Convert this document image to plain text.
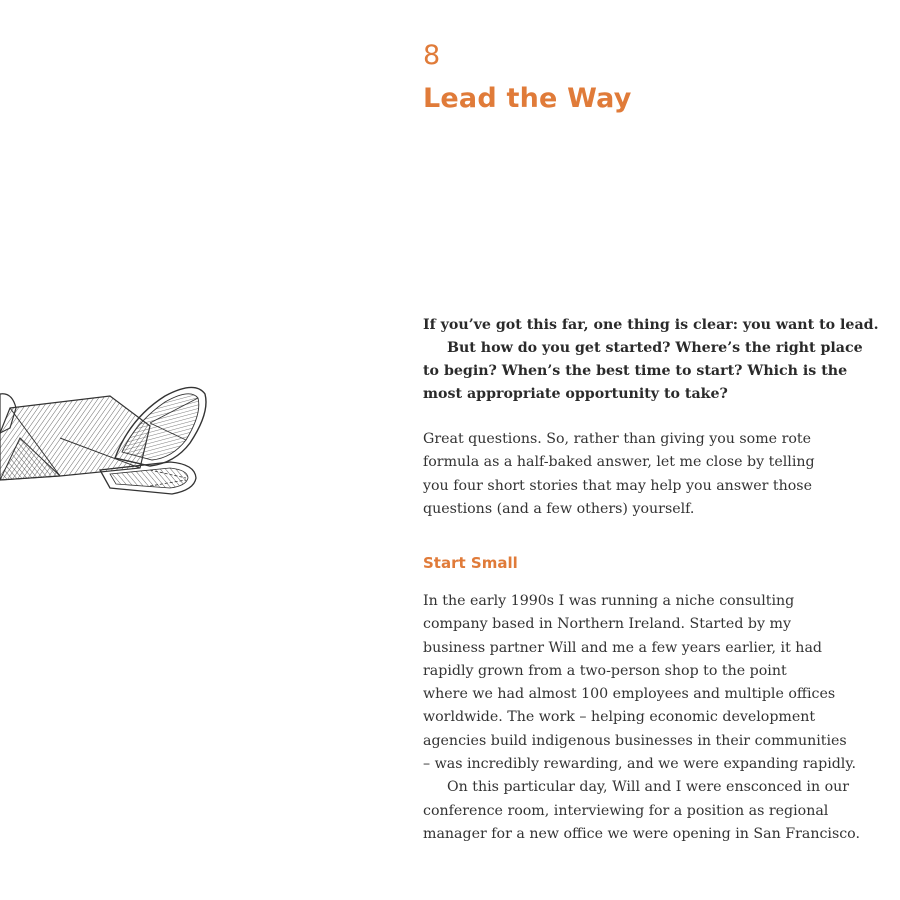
8
Lead the Way

If you’ve got this far, one thing is clear: you want to lead.

But how do you get started? Where’s the right place
to begin? When’s the best time to start? Which is the
most appropriate opportunity to take?

Great questions. So, rather than giving you some rote
formula as a half-baked answer, let me close by telling
you four short stories that may help you answer those
questions (and a few others) yourself.
Start Small
In the early 1990s I was running a niche consulting
company based in Northern Ireland. Started by my
business partner Will and me a few years earlier, it had
rapidly grown from a two-person shop to the point
where we had almost 100 employees and multiple offices
worldwide. The work – helping economic development
agencies build indigenous businesses in their communities
– was incredibly rewarding, and we were expanding rapidly.
On this particular day, Will and I were ensconced in our
conference room, interviewing for a position as regional
manager for a new office we were opening in San Francisco.
